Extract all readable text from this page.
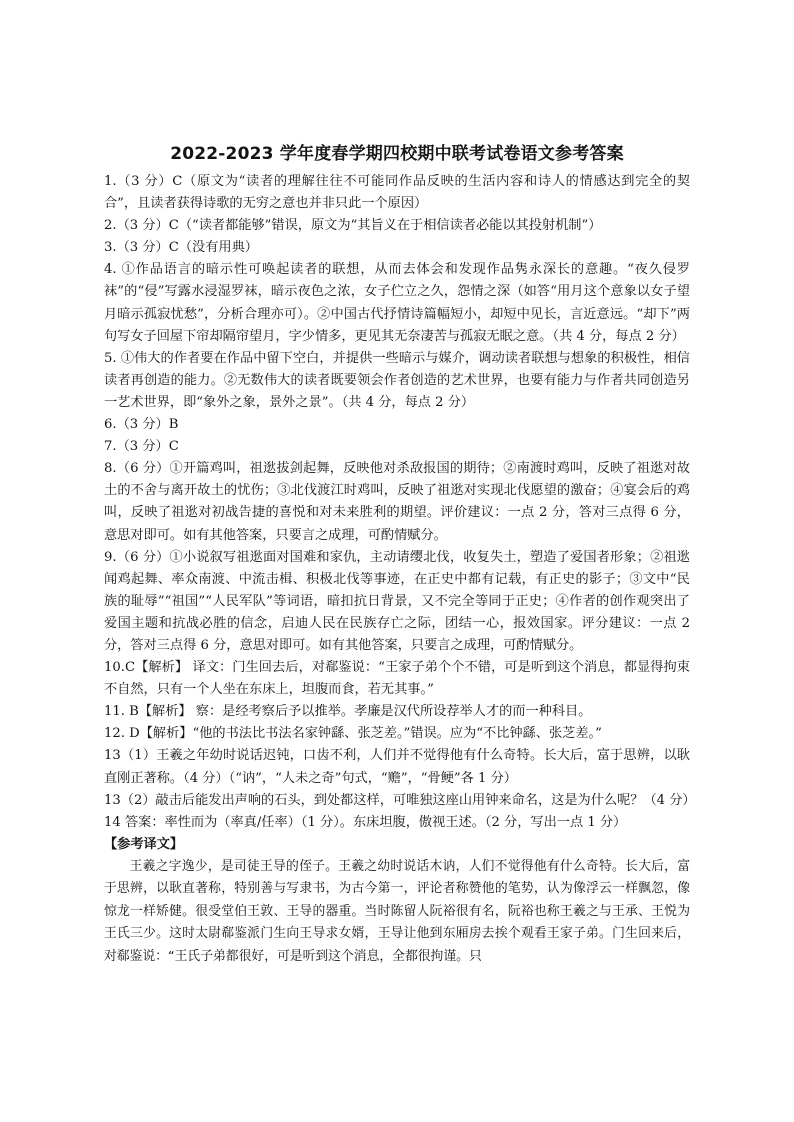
2022-2023 学年度春学期四校期中联考试卷语文参考答案

1.（3 分）C（原文为“读者的理解往往不可能同作品反映的生活内容和诗人的情感达到完全的契合”，且读者获得诗歌的无穷之意也并非只此一个原因）

2.（3 分）C（“读者都能够”错误，原文为“其旨义在于相信读者必能以其投射机制”）

3.（3 分）C（没有用典）

4. ①作品语言的暗示性可唤起读者的联想，从而去体会和发现作品隽永深长的意趣。“夜久侵罗袜”的“侵”写露水浸湿罗袜，暗示夜色之浓，女子伫立之久，怨情之深（如答“用月这个意象以女子望月暗示孤寂忧愁”，分析合理亦可）。②中国古代抒情诗篇幅短小，却短中见长，言近意远。“却下”两句写女子回屋下帘却隔帘望月，字少情多，更见其无奈凄苦与孤寂无眠之意。（共 4 分，每点 2 分）

5. ①伟大的作者要在作品中留下空白，并提供一些暗示与媒介，调动读者联想与想象的积极性，相信读者再创造的能力。②无数伟大的读者既要领会作者创造的艺术世界，也要有能力与作者共同创造另一艺术世界，即“象外之象，景外之景”。（共 4 分，每点 2 分）

6.（3 分）B

7.（3 分）C

8.（6 分）①开篇鸡叫，祖逖拔剑起舞，反映他对杀敌报国的期待；②南渡时鸡叫，反映了祖逖对故土的不舍与离开故土的忧伤；③北伐渡江时鸡叫，反映了祖逖对实现北伐愿望的激奋；④宴会后的鸡叫，反映了祖逖对初战告捷的喜悦和对未来胜利的期望。评价建议：一点 2 分，答对三点得 6 分，意思对即可。如有其他答案，只要言之成理，可酌情赋分。

9.（6 分）①小说叙写祖逖面对国难和家仇，主动请缨北伐，收复失土，塑造了爱国者形象；②祖逖闻鸡起舞、率众南渡、中流击楫、积极北伐等事迹，在正史中都有记载，有正史的影子；③文中“民族的耻辱”“祖国”“人民军队”等词语，暗扣抗日背景，又不完全等同于正史；④作者的创作观突出了爱国主题和抗战必胜的信念，启迪人民在民族存亡之际，团结一心，报效国家。评分建议：一点 2 分，答对三点得 6 分，意思对即可。如有其他答案，只要言之成理，可酌情赋分。

10.C【解析】 译文：门生回去后，对郗鉴说：“王家子弟个个不错，可是听到这个消息，都显得拘束不自然，只有一个人坐在东床上，坦腹而食，若无其事。”

11. B【解析】 察：是经考察后予以推举。孝廉是汉代所设荐举人才的而一种科目。

12. D【解析】“他的书法比书法名家钟繇、张芝差。”错误。应为“不比钟繇、张芝差。”

13（1）王羲之年幼时说话迟钝，口齿不利，人们并不觉得他有什么奇特。长大后，富于思辨，以耿直刚正著称。（4 分）（“讷”，“人未之奇”句式，“赡”，“骨鲠”各 1 分）

13（2）敲击后能发出声响的石头，到处都这样，可唯独这座山用钟来命名，这是为什么呢？（4 分）

14 答案：率性而为（率真/任率）（1 分）。东床坦腹，傲视王述。（2 分，写出一点 1 分）

【参考译文】

王羲之字逸少，是司徒王导的侄子。王羲之幼时说话木讷，人们不觉得他有什么奇特。长大后，富于思辨，以耿直著称，特别善与写隶书，为古今第一，评论者称赞他的笔势，认为像浮云一样飘忽，像惊龙一样矫健。很受堂伯王敦、王导的器重。当时陈留人阮裕很有名，阮裕也称王羲之与王承、王悦为王氏三少。这时太尉郗鉴派门生向王导求女婿，王导让他到东厢房去挨个观看王家子弟。门生回来后，对郗鉴说：“王氏子弟都很好，可是听到这个消息，全都很拘谨。只
